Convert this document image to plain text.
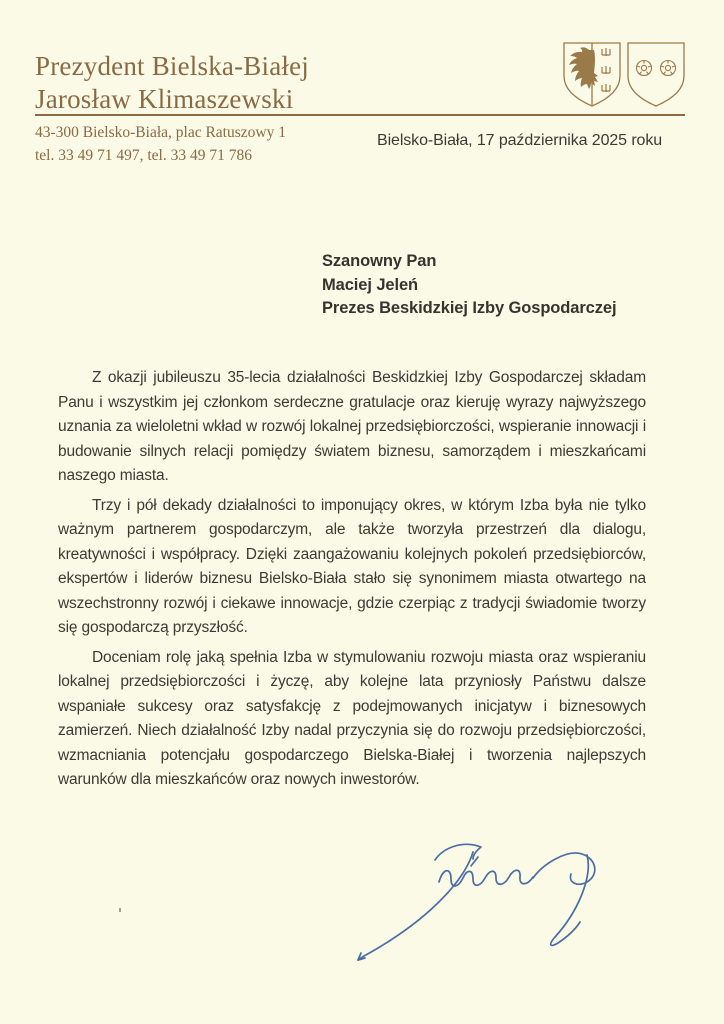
Prezydent Bielska-Białej
Jarosław Klimaszewski
43-300 Bielsko-Biała, plac Ratuszowy 1
tel. 33 49 71 497, tel. 33 49 71 786
Bielsko-Biała, 17 października 2025 roku
Szanowny Pan
Maciej Jeleń
Prezes Beskidzkiej Izby Gospodarczej

Z okazji jubileuszu 35-lecia działalności Beskidzkiej Izby Gospodarczej składam Panu i wszystkim jej członkom serdeczne gratulacje oraz kieruję wyrazy najwyższego uznania za wieloletni wkład w rozwój lokalnej przedsiębiorczości, wspieranie innowacji i budowanie silnych relacji pomiędzy światem biznesu, samorządem i mieszkańcami naszego miasta.

Trzy i pół dekady działalności to imponujący okres, w którym Izba była nie tylko ważnym partnerem gospodarczym, ale także tworzyła przestrzeń dla dialogu, kreatywności i współpracy. Dzięki zaangażowaniu kolejnych pokoleń przedsiębiorców, ekspertów i liderów biznesu Bielsko-Biała stało się synonimem miasta otwartego na wszechstronny rozwój i ciekawe innowacje, gdzie czerpiąc z tradycji świadomie tworzy się gospodarczą przyszłość.

Doceniam rolę jaką spełnia Izba w stymulowaniu rozwoju miasta oraz wspieraniu lokalnej przedsiębiorczości i życzę, aby kolejne lata przyniosły Państwu dalsze wspaniałe sukcesy oraz satysfakcję z podejmowanych inicjatyw i biznesowych zamierzeń. Niech działalność Izby nadal przyczynia się do rozwoju przedsiębiorczości, wzmacniania potencjału gospodarczego Bielska-Białej i tworzenia najlepszych warunków dla mieszkańców oraz nowych inwestorów.
